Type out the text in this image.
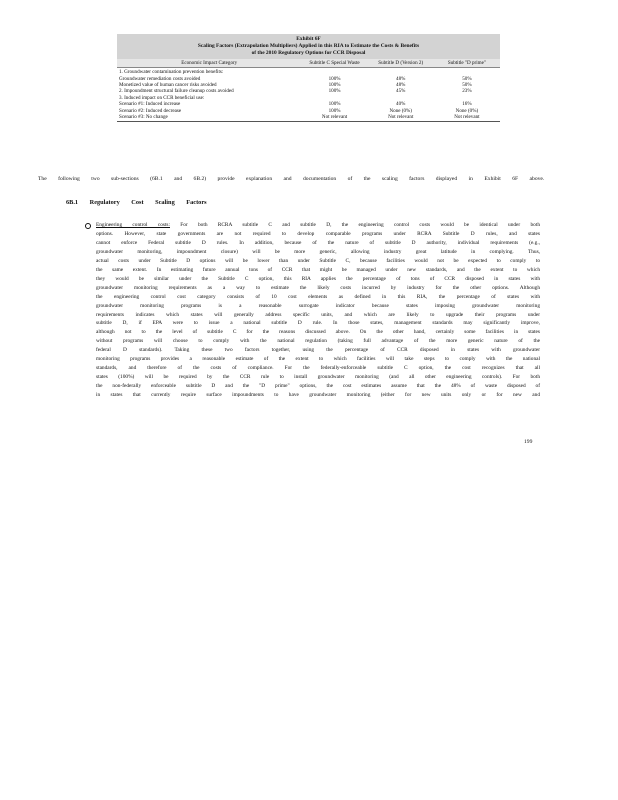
Exhibit 6F
Scaling Factors (Extrapolation Multipliers) Applied in this RIA to Estimate the Costs & Benefits
of the 2010 Regulatory Options for CCR Disposal
Economic Impact Category	Subtitle C Special Waste	Subtitle D (Version 2)	Subtitle "D prime"

1. Groundwater contamination prevention benefits:			
Groundwater remediation costs avoided	100%	48%	50%
Monetized value of human cancer risks avoided	100%	48%	50%
2. Impoundment structural failure cleanup costs avoided	100%	45%	23%
3. Induced impact on CCR beneficial use:			
Scenario #1: Induced increase	100%	40%	16%
Scenario #2: Induced decrease	100%	None (0%)	None (0%)
Scenario #3: No change	Not relevant	Not relevant	Not relevant
The following two sub-sections (6B.1 and 6B.2) provide explanation and documentation of the scaling factors displayed in Exhibit 6F above.
6B.1 Regulatory Cost Scaling Factors
Engineering control costs: For both RCRA subtitle C and subtitle D, the engineering control costs would be identical under both
options. However, state governments are not required to develop comparable programs under RCRA Subtitle D rules, and states
cannot enforce Federal subtitle D rules. In addition, because of the nature of subtitle D authority, individual requirements (e.g.,
groundwater monitoring, impoundment closure) will be more generic, allowing industry great latitude in complying. Thus,
actual costs under Subtitle D options will be lower than under Subtitle C, because facilities would not be expected to comply to
the same extent. In estimating future annual tons of CCR that might be managed under new standards, and the extent to which
they would be similar under the Subtitle C option, this RIA applies the percentage of tons of CCR disposed in states with
groundwater monitoring requirements as a way to estimate the likely costs incurred by industry for the other options. Although
the engineering control cost category consists of 10 cost elements as defined in this RIA, the percentage of states with
groundwater monitoring programs is a reasonable surrogate indicator because states imposing groundwater monitoring
requirements indicates which states will generally address specific units, and which are likely to upgrade their programs under
subtitle D, if EPA were to issue a national subtitle D rule. In those states, management standards may significantly improve,
although not to the level of subtitle C for the reasons discussed above. On the other hand, certainly some facilities in states
without programs will choose to comply with the national regulation (taking full advantage of the more generic nature of the
federal D standards). Taking these two factors together, using the percentage of CCR disposed in states with groundwater
monitoring programs provides a reasonable estimate of the extent to which facilities will take steps to comply with the national
standards, and therefore of the costs of compliance. For the federally-enforceable subtitle C option, the cost recognizes that all
states (100%) will be required by the CCR rule to install groundwater monitoring (and all other engineering controls). For both
the non-federally enforceable subtitle D and the "D prime" options, the cost estimates assume that the 48% of waste disposed of
in states that currently require surface impoundments to have groundwater monitoring (either for new units only or for new and
199
